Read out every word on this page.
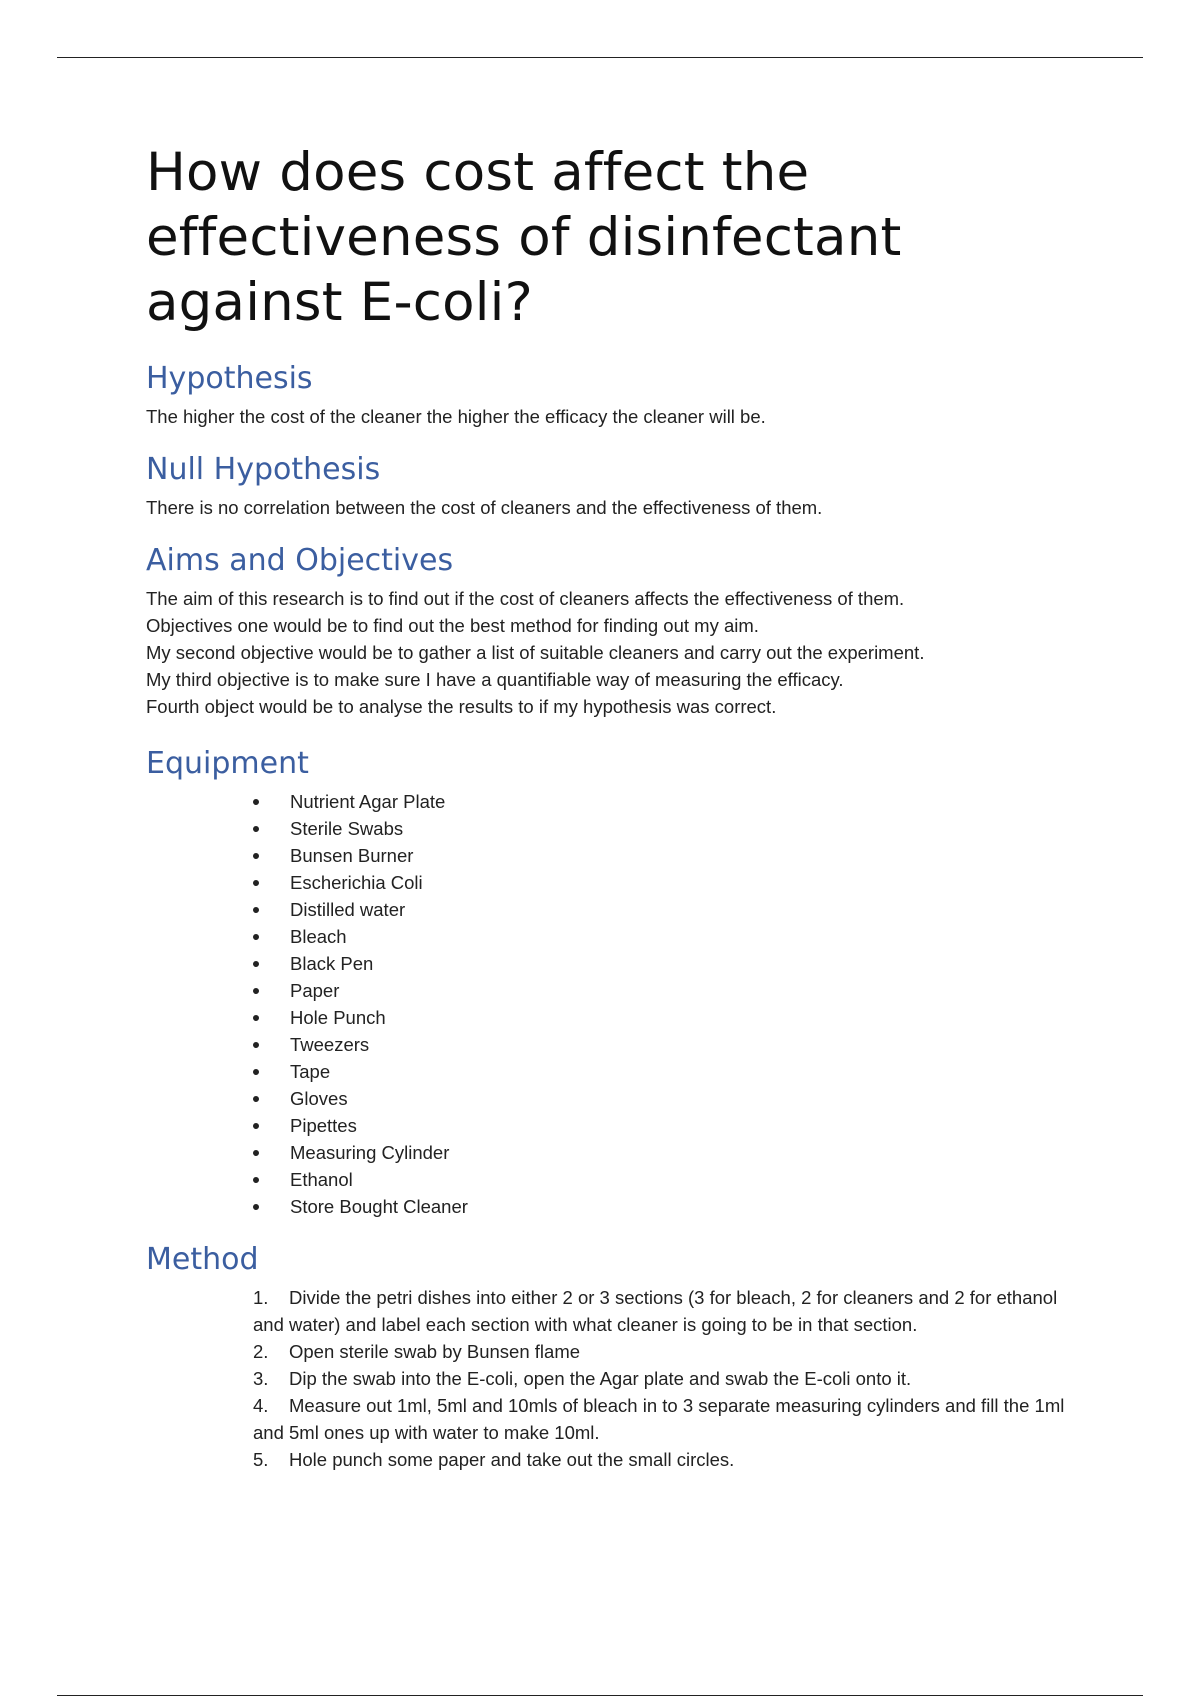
How does cost affect the effectiveness of disinfectant against E-coli?
Hypothesis

The higher the cost of the cleaner the higher the efficacy the cleaner will be.

Null Hypothesis

There is no correlation between the cost of cleaners and the effectiveness of them.

Aims and Objectives

The aim of this research is to find out if the cost of cleaners affects the effectiveness of them.

Objectives one would be to find out the best method for finding out my aim.

My second objective would be to gather a list of suitable cleaners and carry out the experiment.

My third objective is to make sure I have a quantifiable way of measuring the efficacy.

Fourth object would be to analyse the results to if my hypothesis was correct.

Equipment
Nutrient Agar Plate
Sterile Swabs
Bunsen Burner
Escherichia Coli
Distilled water
Bleach
Black Pen
Paper
Hole Punch
Tweezers
Tape
Gloves
Pipettes
Measuring Cylinder
Ethanol
Store Bought Cleaner
Method
1. Divide the petri dishes into either 2 or 3 sections (3 for bleach, 2 for cleaners and 2 for ethanol and water) and label each section with what cleaner is going to be in that section.
2. Open sterile swab by Bunsen flame
3. Dip the swab into the E-coli, open the Agar plate and swab the E-coli onto it.
4. Measure out 1ml, 5ml and 10mls of bleach in to 3 separate measuring cylinders and fill the 1ml and 5ml ones up with water to make 10ml.
5. Hole punch some paper and take out the small circles.
